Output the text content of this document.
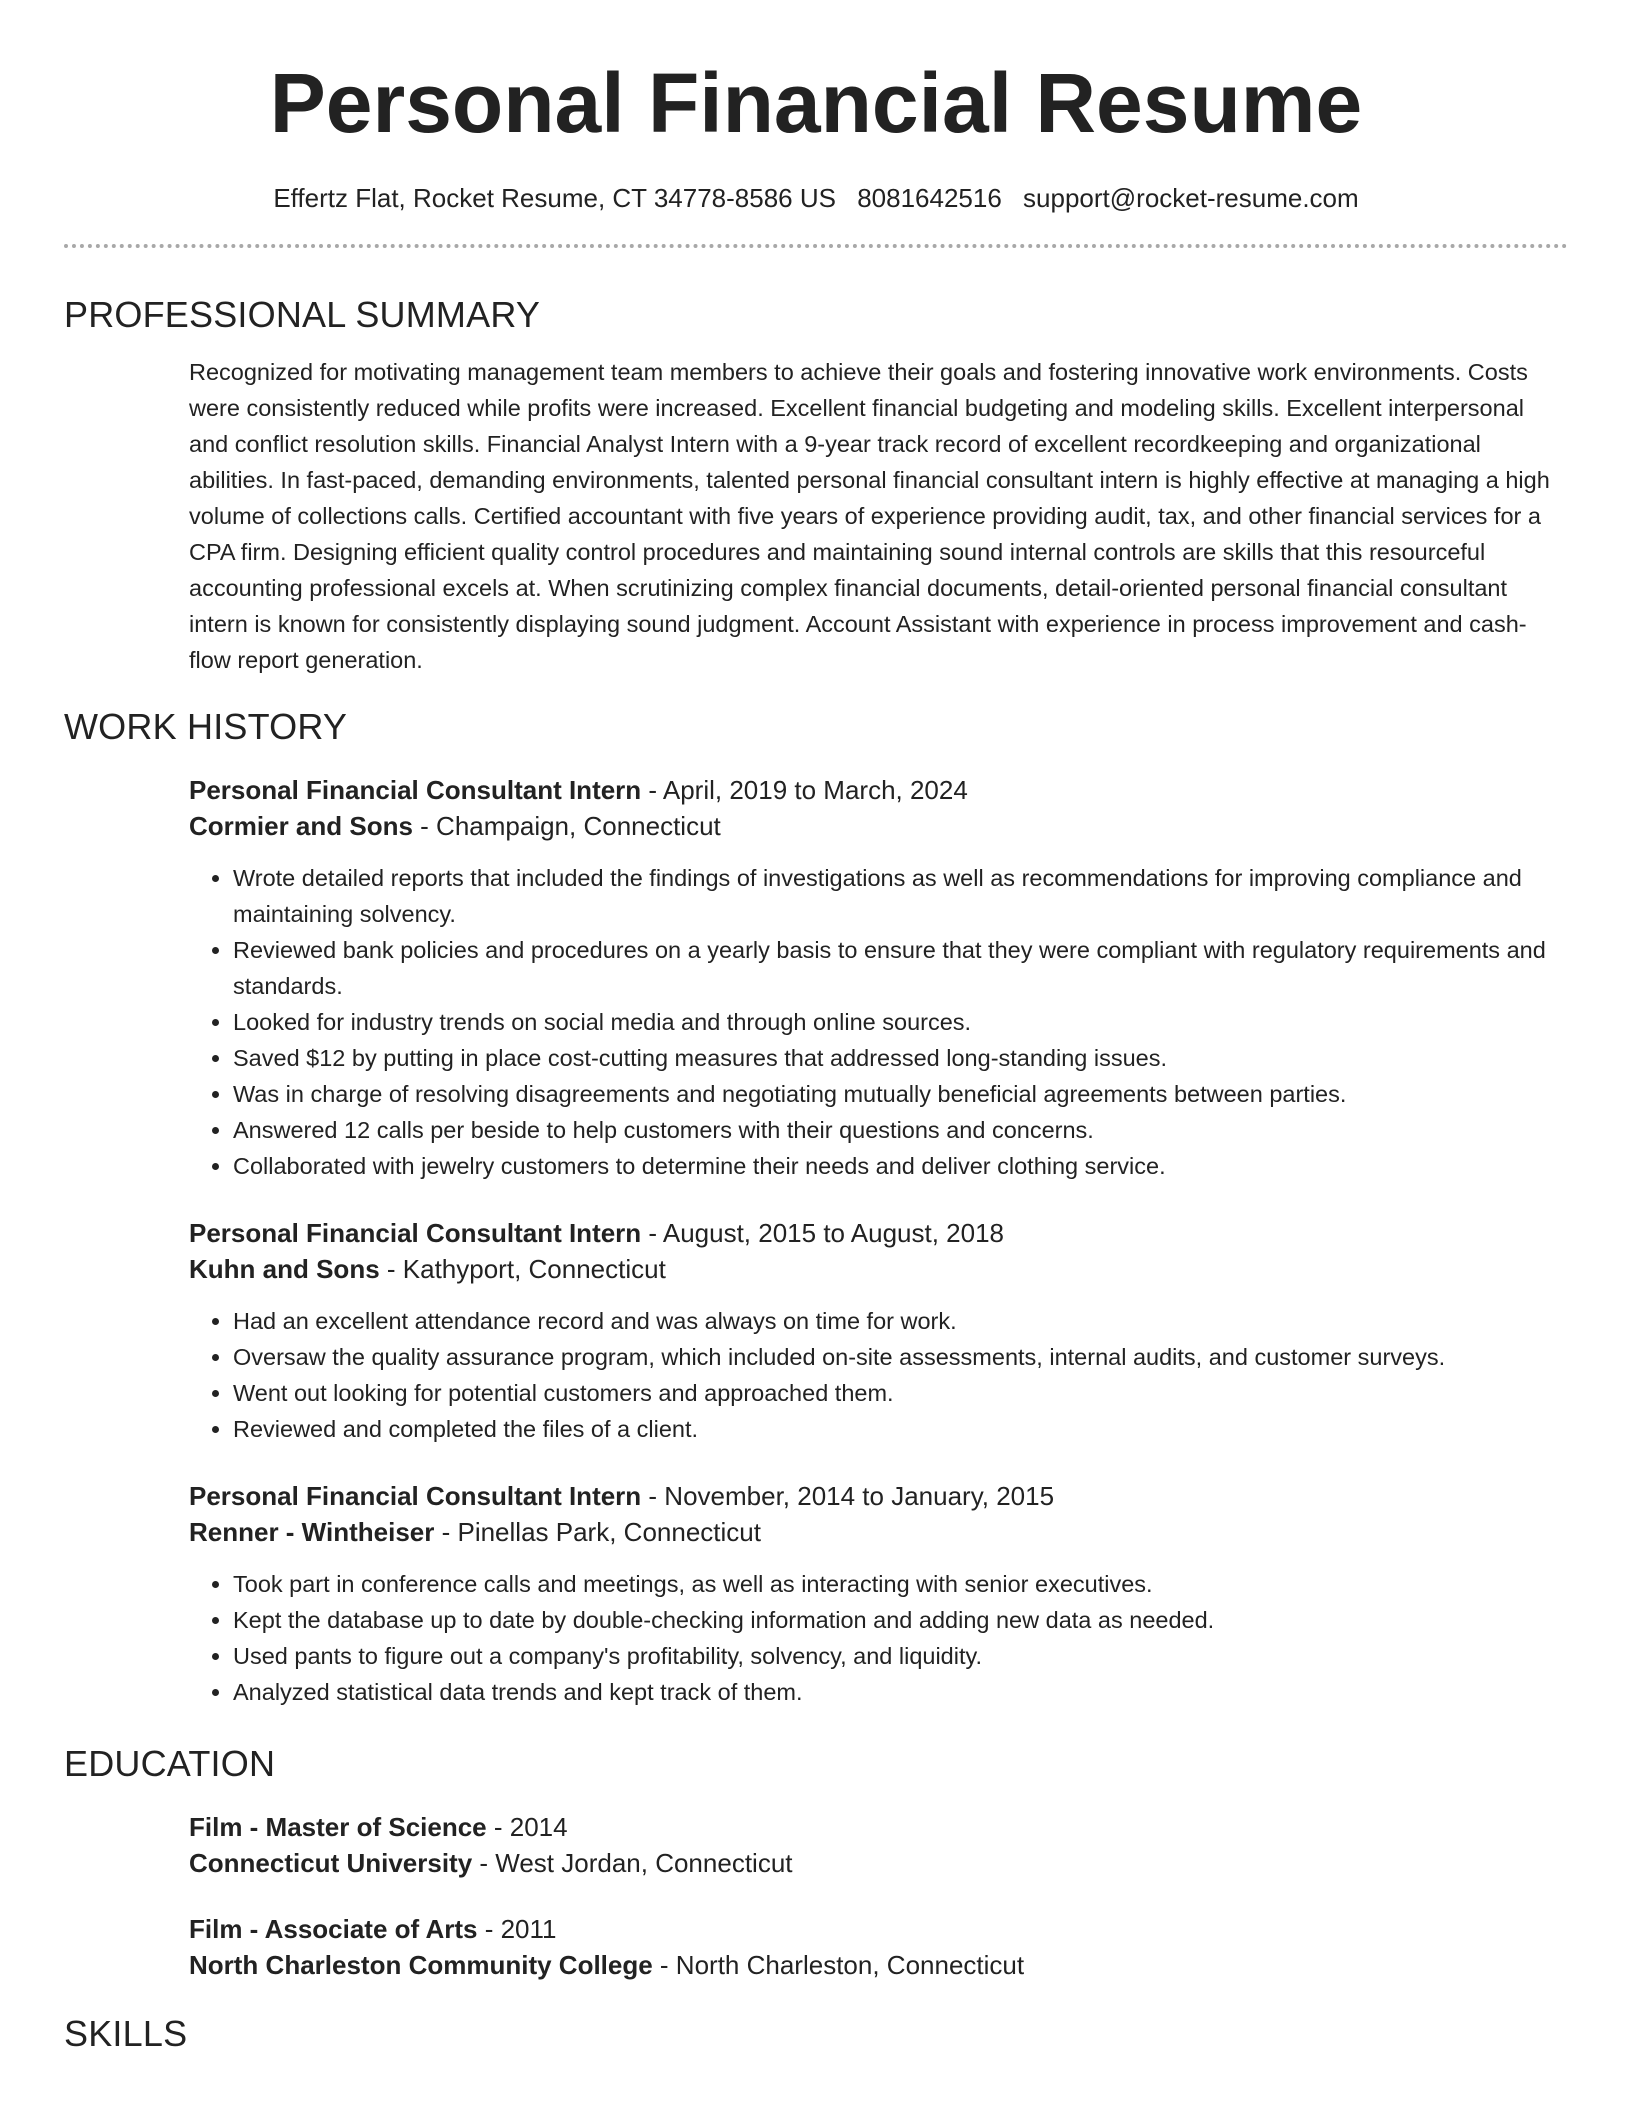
Personal Financial Resume
Effertz Flat, Rocket Resume, CT 34778-8586 US 8081642516 support@rocket-resume.com
PROFESSIONAL SUMMARY

Recognized for motivating management team members to achieve their goals and fostering innovative work environments. Costs were consistently reduced while profits were increased. Excellent financial budgeting and modeling skills. Excellent interpersonal and conflict resolution skills. Financial Analyst Intern with a 9-year track record of excellent recordkeeping and organizational abilities. In fast-paced, demanding environments, talented personal financial consultant intern is highly effective at managing a high volume of collections calls. Certified accountant with five years of experience providing audit, tax, and other financial services for a CPA firm. Designing efficient quality control procedures and maintaining sound internal controls are skills that this resourceful accounting professional excels at. When scrutinizing complex financial documents, detail-oriented personal financial consultant intern is known for consistently displaying sound judgment. Account Assistant with experience in process improvement and cash-flow report generation.

WORK HISTORY

Personal Financial Consultant Intern - April, 2019 to March, 2024

Cormier and Sons - Champaign, Connecticut

• Wrote detailed reports that included the findings of investigations as well as recommendations for improving compliance and maintaining solvency.
• Reviewed bank policies and procedures on a yearly basis to ensure that they were compliant with regulatory requirements and standards.
• Looked for industry trends on social media and through online sources.
• Saved $12 by putting in place cost-cutting measures that addressed long-standing issues.
• Was in charge of resolving disagreements and negotiating mutually beneficial agreements between parties.
• Answered 12 calls per beside to help customers with their questions and concerns.
• Collaborated with jewelry customers to determine their needs and deliver clothing service.

Personal Financial Consultant Intern - August, 2015 to August, 2018

Kuhn and Sons - Kathyport, Connecticut

• Had an excellent attendance record and was always on time for work.
• Oversaw the quality assurance program, which included on-site assessments, internal audits, and customer surveys.
• Went out looking for potential customers and approached them.
• Reviewed and completed the files of a client.

Personal Financial Consultant Intern - November, 2014 to January, 2015

Renner - Wintheiser - Pinellas Park, Connecticut

• Took part in conference calls and meetings, as well as interacting with senior executives.
• Kept the database up to date by double-checking information and adding new data as needed.
• Used pants to figure out a company's profitability, solvency, and liquidity.
• Analyzed statistical data trends and kept track of them.
EDUCATION

Film - Master of Science - 2014

Connecticut University - West Jordan, Connecticut

Film - Associate of Arts - 2011

North Charleston Community College - North Charleston, Connecticut

SKILLS
